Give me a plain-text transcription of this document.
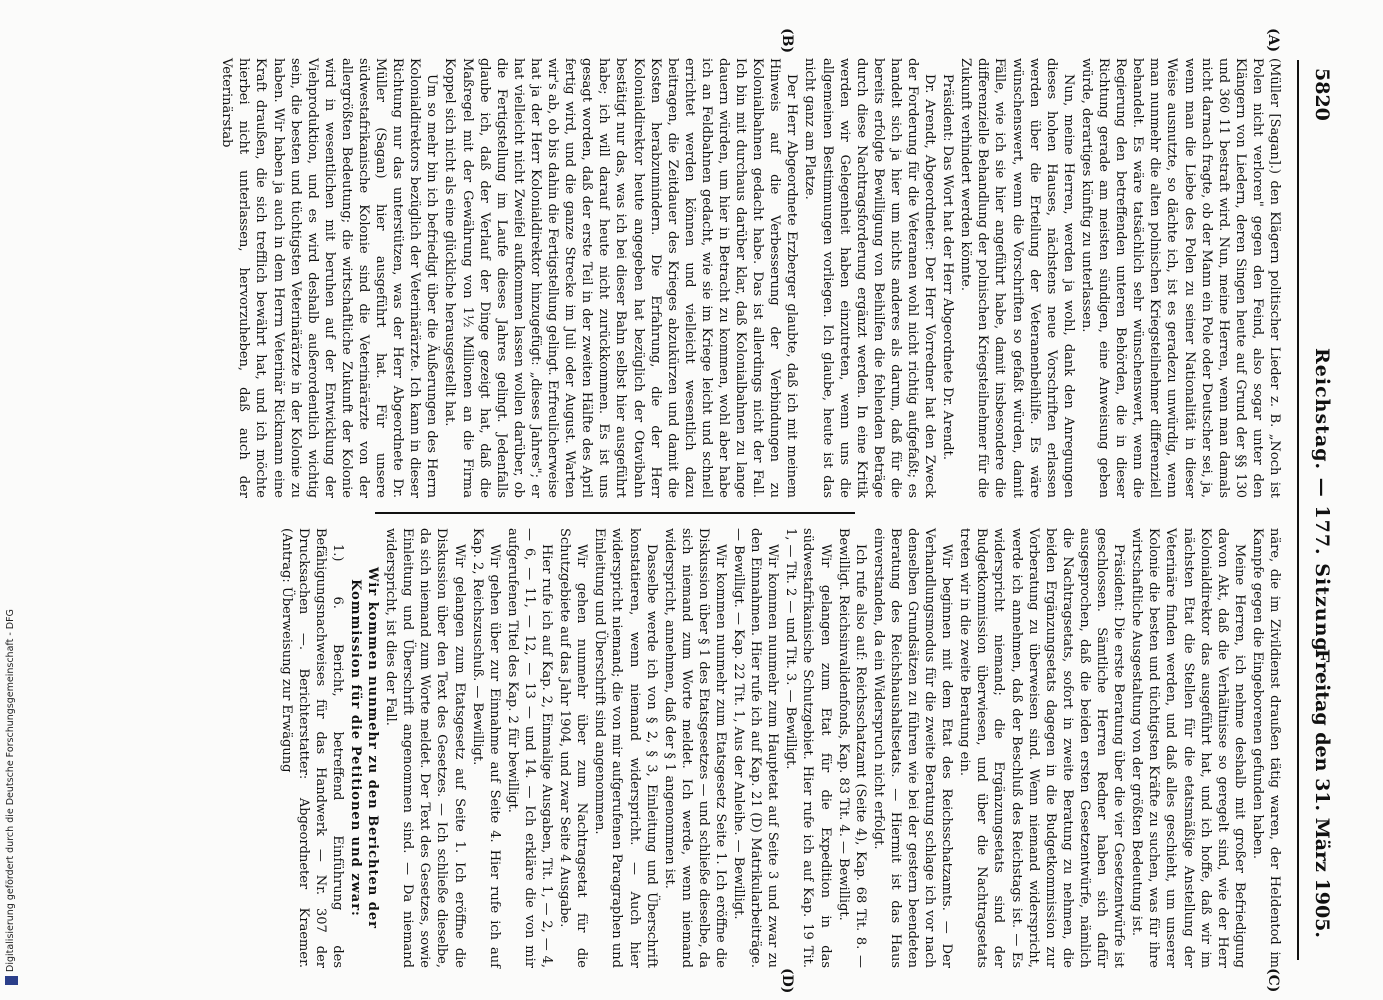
5820
Reichstag. — 177. Sitzung.
Freitag den 31. März 1905.
(A)
(B)
(C)
(D)

(Müller [Sagan].) den Klägern politischer Lieder z. B. „Noch ist Polen nicht verloren" gegen den Feind, also sogar unter den Klängern von Liedern, deren Singen heute auf Grund der §§ 130 und 360 11 bestraft wird. Nun, meine Herren, wenn man damals nicht darnach fragte, ob der Mann ein Pole oder Deutscher sei, ja, wenn man die Liebe des Polen zu seiner Nationalität in dieser Weise ausnutzte, so dächte ich, ist es geradezu unwürdig, wenn man nunmehr die alten polnischen Kriegsteilnehmer differenziell behandelt. Es wäre tatsächlich sehr wünschenswert, wenn die Regierung den betreffenden unteren Behörden, die in dieser Richtung gerade am meisten sündigen, eine Anweisung geben würde, derartiges künftig zu unterlassen.

Nun, meine Herren, werden ja wohl, dank den Anregungen dieses hohen Hauses, nächstens neue Vorschriften erlassen werden über die Erteilung der Veteranenbeihilfe. Es wäre wünschenswert, wenn die Vorschriften so gefaßt würden, damit Fälle, wie ich sie hier angeführt habe, damit insbesondere die differenzielle Behandlung der polnischen Kriegsteilnehmer für die Zukunft verhindert werden könnte.

Präsident: Das Wort hat der Herr Abgeordnete Dr. Arendt.

Dr. Arendt, Abgeordneter: Der Herr Vorredner hat den Zweck der Forderung für die Veteranen wohl nicht richtig aufgefaßt; es handelt sich ja hier um nichts anderes als darum, daß für die bereits erfolgte Bewilligung von Beihilfen die fehlenden Beträge durch diese Nachtragsforderung ergänzt werden. In eine Kritik werden wir Gelegenheit haben einzutreten, wenn uns die allgemeinen Bestimmungen vorliegen. Ich glaube, heute ist das nicht ganz am Platze.

Der Herr Abgeordnete Erzberger glaubte, daß ich mit meinem Hinweis auf die Verbesserung der Verbindungen zu Kolonialbahnen gedacht habe. Das ist allerdings nicht der Fall. Ich bin mit durchaus darüber klar, daß Kolonialbahnen zu lange dauern würden, um hier in Betracht zu kommen, wohl aber habe ich an Feldbahnen gedacht, wie sie im Kriege leicht und schnell errichtet werden können und vielleicht wesentlich dazu beitragen, die Zeitdauer des Krieges abzukürzen und damit die Kosten herabzumindern. Die Erfahrung, die der Herr Kolonialdirektor heute angegeben hat bezüglich der Otavibahn bestätigt nur das, was ich bei dieser Bahn selbst hier ausgeführt habe; ich will darauf heute nicht zurückkommen. Es ist uns gesagt worden, daß der erste Teil in der zweiten Hälfte des April fertig wird, und die ganze Strecke im Juli oder August. Warten wir's ab, ob bis dahin die Fertigstellung gelingt. Erfreulicherweise hat ja der Herr Kolonialdirektor hinzugefügt: „dieses Jahres"; er hat vielleicht nicht Zweifel aufkommen lassen wollen darüber, ob die Fertigstellung im Laufe dieses Jahres gelingt. Jedenfalls glaube ich, daß der Verlauf der Dinge gezeigt hat, daß die Maßregel mit der Gewährung von 1½ Millionen an die Firma Koppel sich nicht als eine glückliche herausgestellt hat.

Um so mehr bin ich befriedigt über die Äußerungen des Herrn Kolonialdirektors bezüglich der Veterinärärzte. Ich kann in dieser Richtung nur das unterstützen, was der Herr Abgeordnete Dr. Müller (Sagan) hier ausgeführt hat. Für unsere südwestafrikanische Kolonie sind die Veterinärärzte von der allergrößten Bedeutung; die wirtschaftliche Zukunft der Kolonie wird in wesentlichen mit beruhen auf der Entwicklung der Viehproduktion, und es wird deshalb außerordentlich wichtig sein, die besten und tüchtigsten Veterinärärzte in der Kolonie zu haben. Wir haben ja auch in dem Herrn Veterinär Rickmann eine Kraft draußen, die sich trefflich bewährt hat, und ich möchte hierbei nicht unterlassen, hervorzuheben, daß auch der Veterinärstab

näre, die im Zivildienst draußen tätig waren, der Heldentod im Kampfe gegen die Eingeborenen gefunden haben.

Meine Herren, ich nehme deshalb mit großer Befriedigung davon Akt, daß die Verhältnisse so geregelt sind, wie der Herr Kolonialdirektor das ausgeführt hat, und ich hoffe, daß wir im nächsten Etat die Stellen für die etatsmäßige Anstellung der Veterinäre finden werden, und daß alles geschieht, um unserer Kolonie die besten und tüchtigsten Kräfte zu suchen, was für ihre wirtschaftliche Ausgestaltung von der größten Bedeutung ist.

Präsident: Die erste Beratung über die vier Gesetzentwürfe ist geschlossen. Sämtliche Herren Redner haben sich dafür ausgesprochen, daß die beiden ersten Gesetzentwürfe, nämlich die Nachtragsetats, sofort in zweite Beratung zu nehmen, die beiden Ergänzungsetats dagegen in die Budgetkommission zur Vorberatung zu überweisen sind. Wenn niemand widerspricht, werde ich annehmen, daß der Beschluß des Reichstags ist. — Es widerspricht niemand; die Ergänzungsetats sind der Budgetkommission überwiesen, und über die Nachtragsetats treten wir in die zweite Beratung ein.

Wir beginnen mit dem Etat des Reichsschatzamts. — Der Verhandlungsmodus für die zweite Beratung schlage ich vor nach denselben Grundsätzen zu führen wie bei der gestern beendeten Beratung des Reichshaushaltsetats. — Hiermit ist das Haus einverstanden, da ein Widerspruch nicht erfolgt.

Ich rufe also auf: Reichsschatzamt (Seite 4), Kap. 68 Tit. 8. — Bewilligt. Reichsinvalidenfonds, Kap. 83 Tit. 4. — Bewilligt.

Wir gelangen zum Etat für die Expedition in das südwestafrikanische Schutzgebiet. Hier rufe ich auf Kap. 19 Tit. 1, — Tit. 2 — und Tit. 3. — Bewilligt.

Wir kommen nunmehr zum Hauptetat auf Seite 3 und zwar zu den Einnahmen. Hier rufe ich auf Kap. 21 (D) Matrikularbeiträge. — Bewilligt. — Kap. 22 Tit. 1, Aus der Anleihe. — Bewilligt.

Wir kommen nunmehr zum Etatsgesetz Seite 1. Ich eröffne die Diskussion über § 1 des Etatsgesetzes — und schließe dieselbe, da sich niemand zum Worte meldet. Ich werde, wenn niemand widerspricht, annehmen, daß der § 1 angenommen ist.

Dasselbe werde ich von § 2, § 3, Einleitung und Überschrift konstatieren, wenn niemand widerspricht. — Auch hier widerspricht niemand; die von mir aufgerufenen Paragraphen und Einleitung und Überschrift sind angenommen.

Wir gehen nunmehr über zum Nachtragsetat für die Schutzgebiete auf das Jahr 1904, und zwar Seite 4 Ausgabe.

Hier rufe ich auf Kap. 2, Einmalige Ausgaben, Tit. 1, — 2, — 4, — 6, — 11, — 12, — 13 — und 14. — Ich erkläre die von mir aufgerufenen Titel des Kap. 2 für bewilligt.

Wir gehen über zur Einnahme auf Seite 4. Hier rufe ich auf Kap. 2, Reichszuschuß. — Bewilligt.

Wir gelangen zum Etatsgesetz auf Seite 1. Ich eröffne die Diskussion über den Text des Gesetzes. — Ich schließe dieselbe, da sich niemand zum Worte meldet. Der Text des Gesetzes, sowie Einleitung und Überschrift angenommen sind. — Da niemand widerspricht, ist dies der Fall.

Wir kommen nunmehr zu den Berichten der Kommission für die Petitionen und zwar:

1.) 6. Bericht, betreffend Einführung des Befähigungsnachweises für das Handwerk — Nr. 307 der Drucksachen —. Berichterstatter: Abgeordneter Kraemer. (Antrag: Überweisung zur Erwägung

Digitalisierung gefördert durch die Deutsche Forschungsgemeinschaft - DFG
